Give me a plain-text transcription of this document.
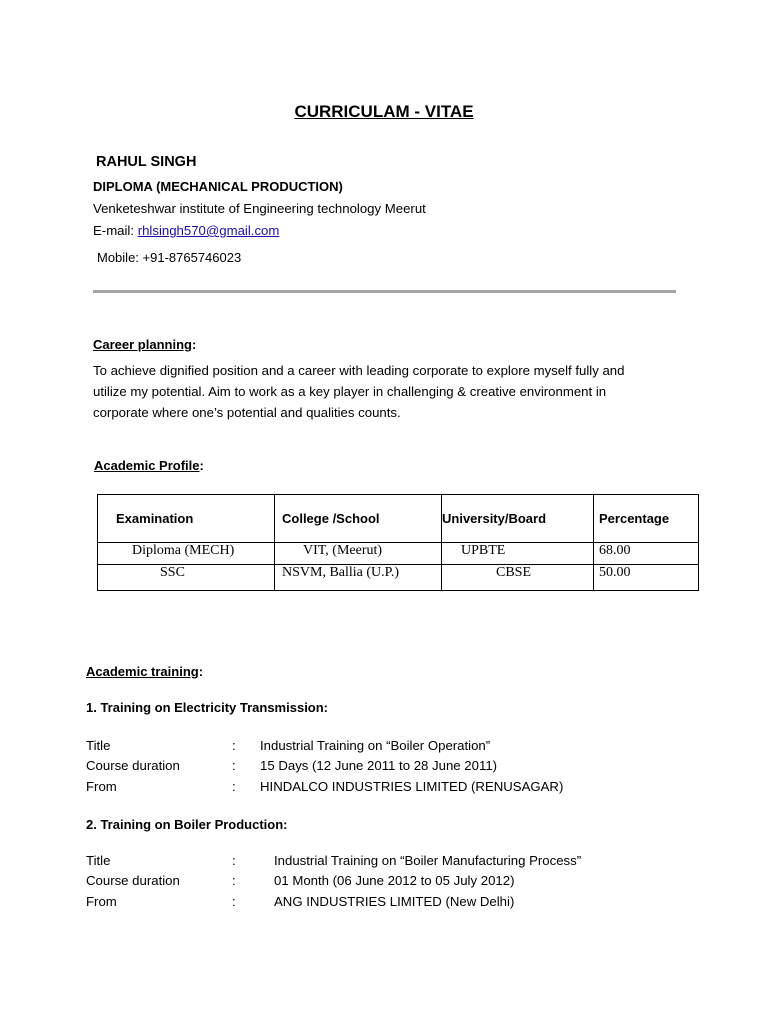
CURRICULAM - VITAE
RAHUL SINGH
DIPLOMA (MECHANICAL PRODUCTION)
Venketeshwar institute of Engineering technology Meerut
E-mail: rhlsingh570@gmail.com
Mobile: +91-8765746023
Career planning:
To achieve dignified position and a career with leading corporate to explore myself fully and
utilize my potential. Aim to work as a key player in challenging & creative environment in
corporate where one’s potential and qualities counts.
Academic Profile:
Examination	College /School	University/Board	Percentage
Diploma (MECH)	VIT, (Meerut)	UPBTE	68.00
SSC	NSVM, Ballia (U.P.)	CBSE	50.00
Academic training:
1. Training on Electricity Transmission:
Title	: Industrial Training on “Boiler Operation”
Course duration	: 15 Days (12 June 2011 to 28 June 2011)
From	: HINDALCO INDUSTRIES LIMITED (RENUSAGAR)
2. Training on Boiler Production:
Title	:	Industrial Training on “Boiler Manufacturing Process”
Course duration	:	01 Month (06 June 2012 to 05 July 2012)
From	:	ANG INDUSTRIES LIMITED (New Delhi)
